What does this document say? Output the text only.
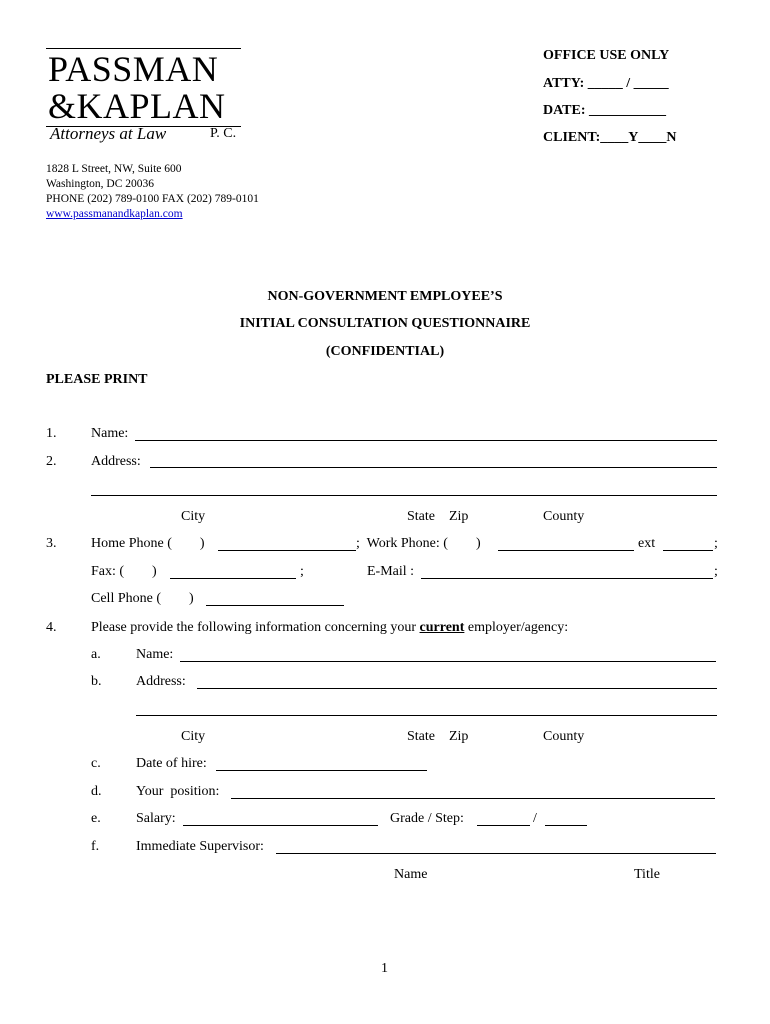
PASSMAN
&KAPLAN
Attorneys at Law	P. C.
1828 L Street, NW, Suite 600
Washington, DC 20036
PHONE (202) 789-0100 FAX (202) 789-0101
www.passmanandkaplan.com
OFFICE USE ONLY
ATTY: _____ / _____
DATE: ___________
CLIENT:____Y____N
NON-GOVERNMENT EMPLOYEE’S
INITIAL CONSULTATION QUESTIONNAIRE
(CONFIDENTIAL)
PLEASE PRINT
1. Name:
2. Address:
City	State    Zip	County
3. Home Phone (        )	;  Work Phone: (        )	ext	;
Fax: (        )	;	E-Mail :	;
Cell Phone (        )
4. Please provide the following information concerning your current employer/agency:
a.	Name:
b. Address:
City	State    Zip	County
c.	Date of hire:
d. Your  position:
e.	Salary:	Grade / Step:	/
f.	Immediate Supervisor:
Name	Title
1
